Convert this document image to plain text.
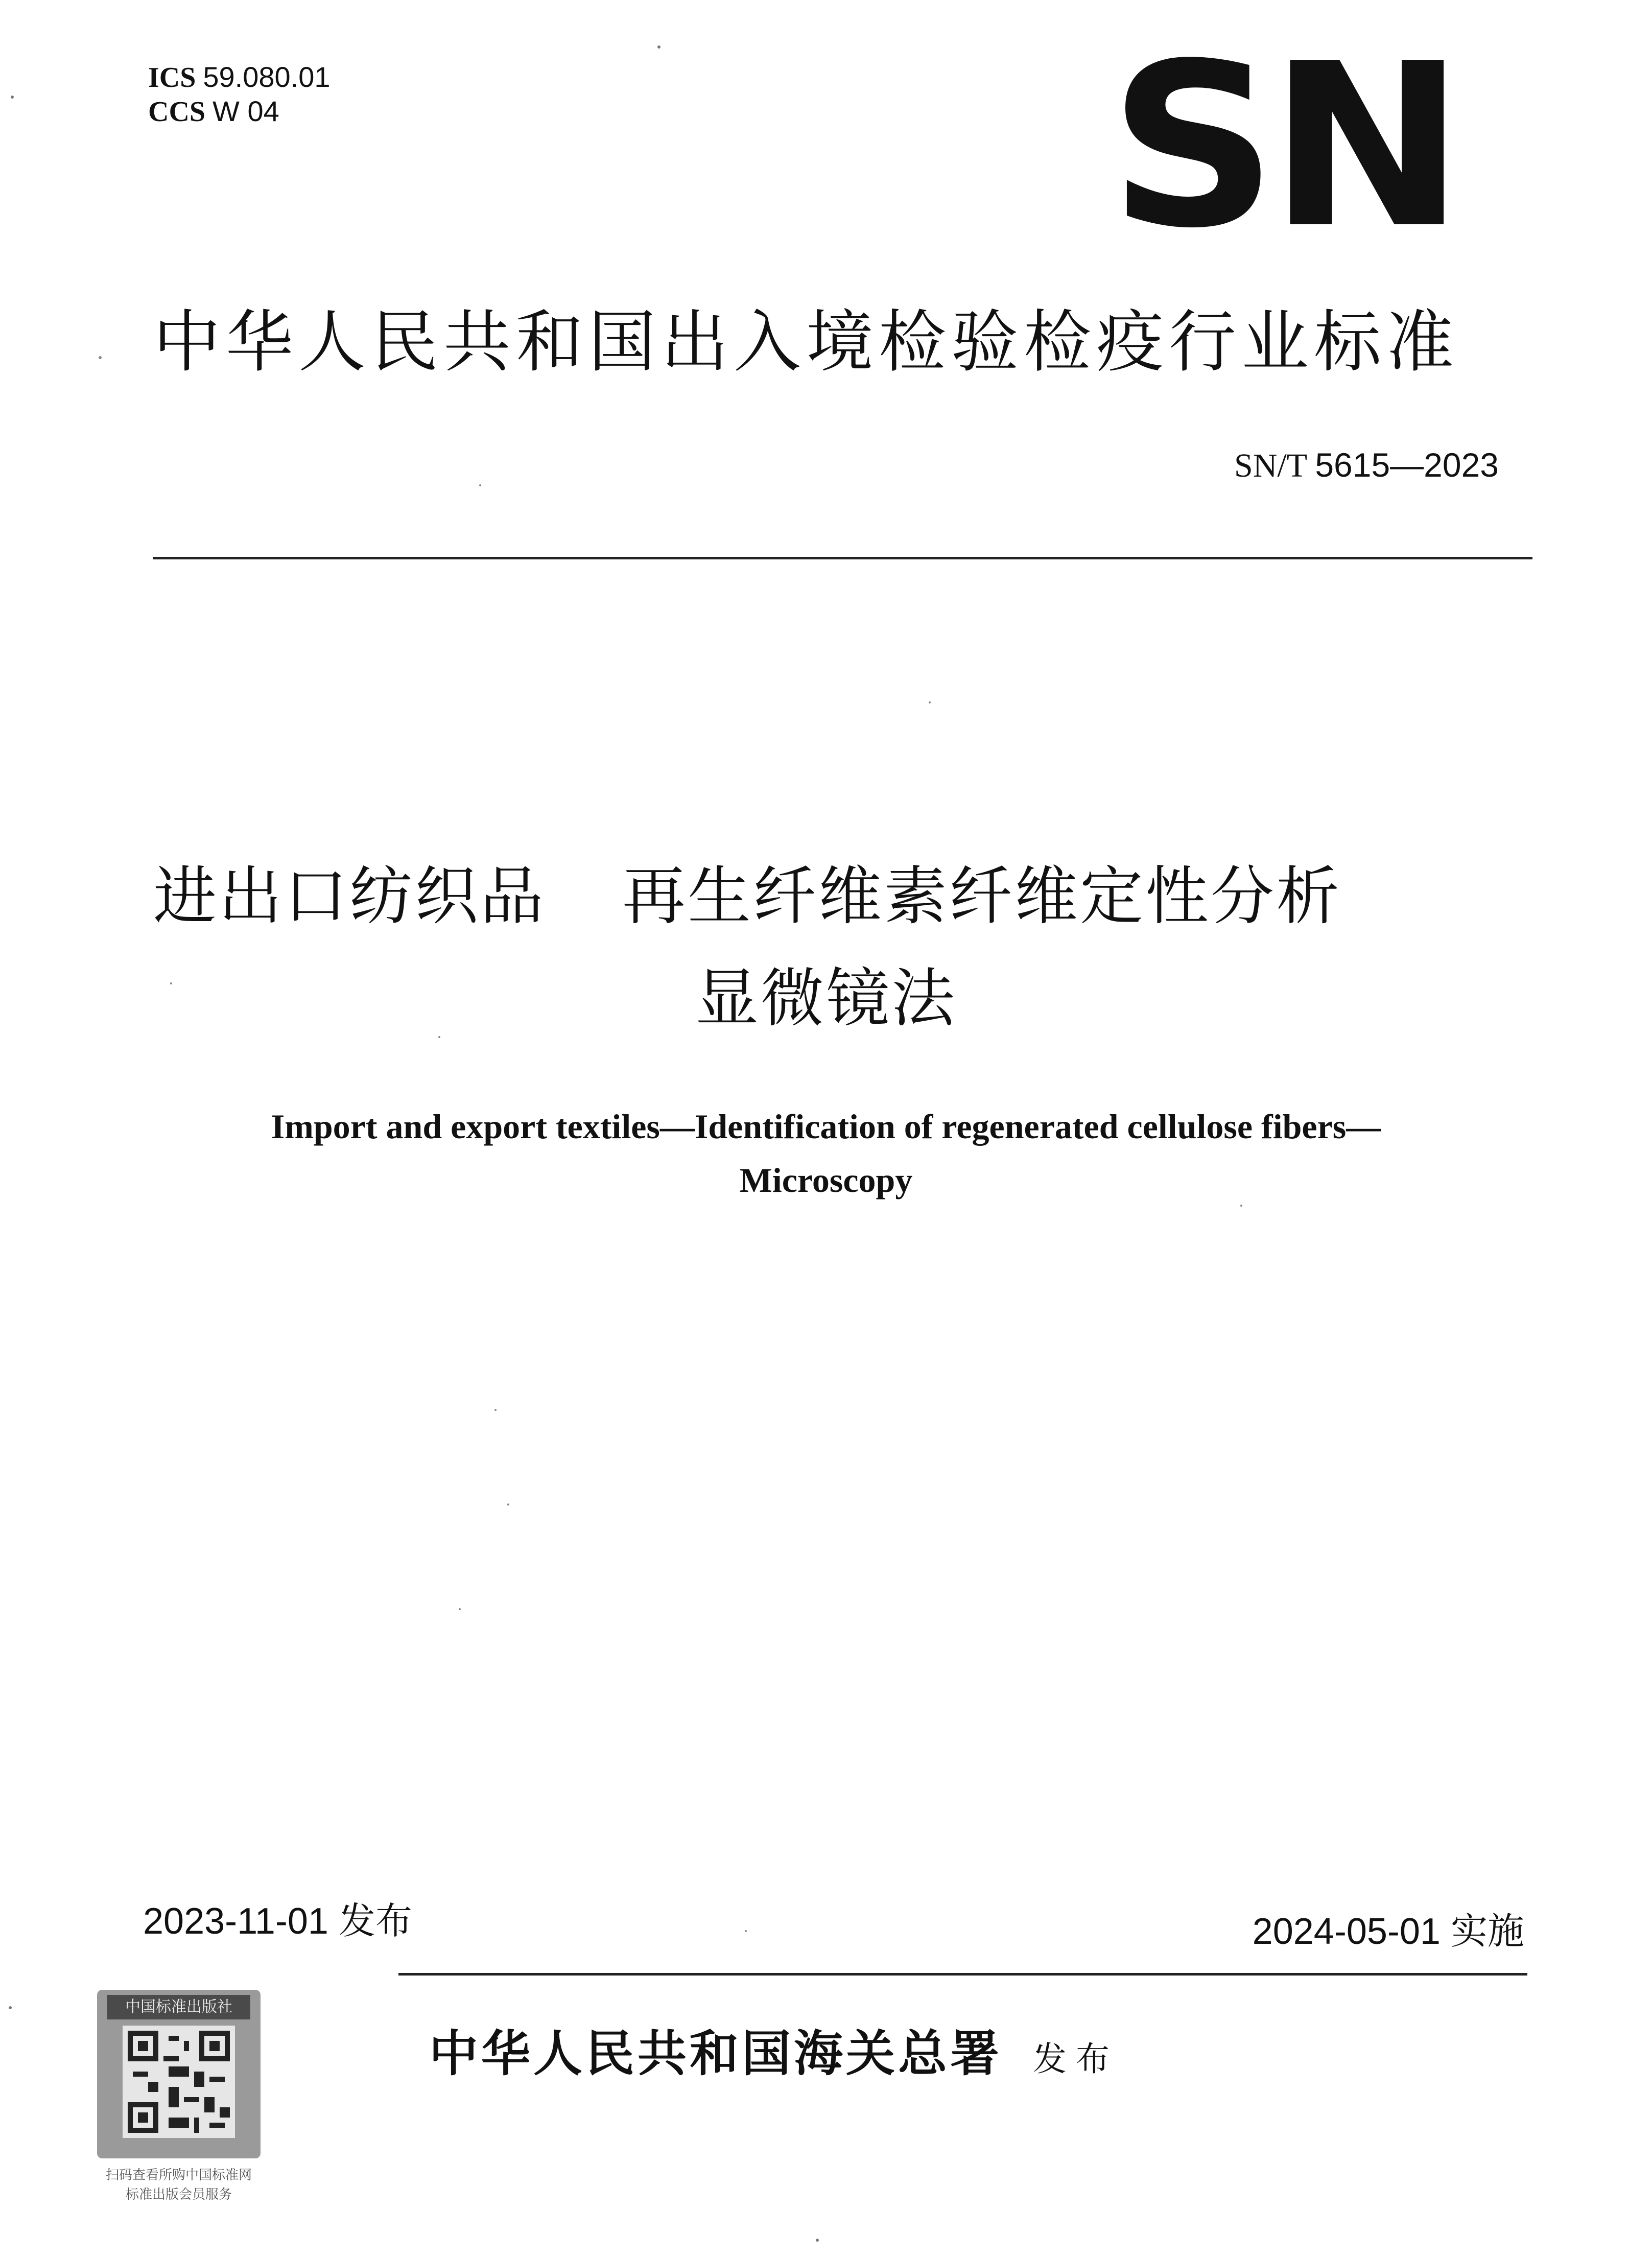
ICS 59.080.01
CCS W 04	SN
中华人民共和国出入境检验检疫行业标准
SN/T 5615—2023
进出口纺织品 再生纤维素纤维定性分析
显微镜法
Import and export textiles—Identification of regenerated cellulose fibers—
Microscopy
2023-11-01 发布	2024-05-01 实施
中华人民共和国海关总署 发布
中国标准出版社
扫码查看所购中国标准网
标准出版会员服务
